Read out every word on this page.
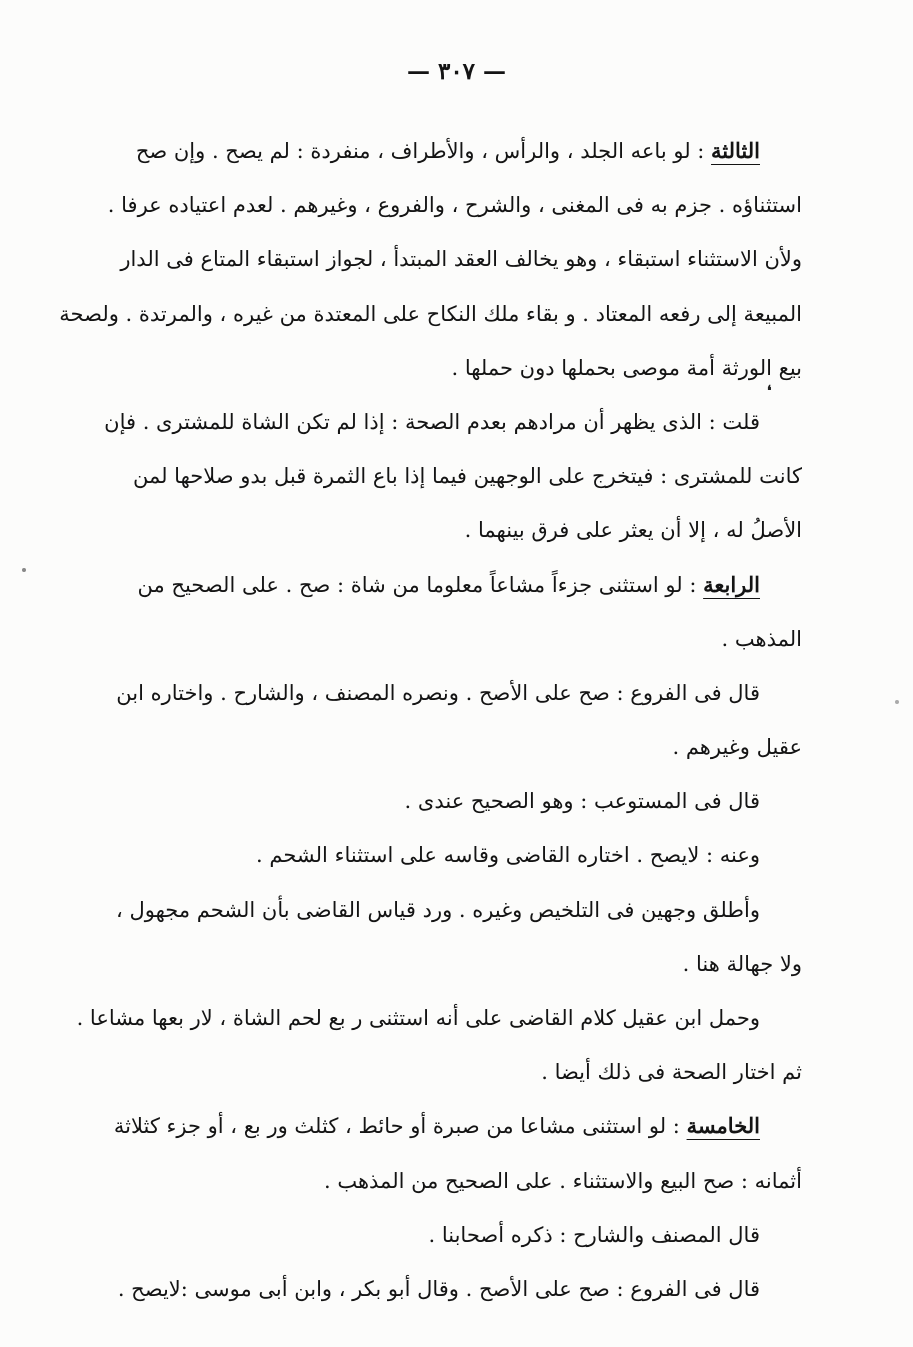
— ٣٠٧ —
❛
الثالثة : لو باعه الجلد ، والرأس ، والأطراف ، منفردة : لم يصح . وإن صح
استثناؤه . جزم به فى المغنى ، والشرح ، والفروع ، وغيرهم . لعدم اعتياده عرفا .
ولأن الاستثناء استبقاء ، وهو يخالف العقد المبتدأ ، لجواز استبقاء المتاع فى الدار
المبيعة إلى رفعه المعتاد . و بقاء ملك النكاح على المعتدة من غيره ، والمرتدة . ولصحة
بيع الورثة أمة موصى بحملها دون حملها .
قلت : الذى يظهر أن مرادهم بعدم الصحة : إذا لم تكن الشاة للمشترى . فإن
كانت للمشترى : فيتخرج على الوجهين فيما إذا باع الثمرة قبل بدو صلاحها لمن
الأصلُ له ، إلا أن يعثر على فرق بينهما .
الرابعة : لو استثنى جزءاً مشاعاً معلوما من شاة : صح . على الصحيح من
المذهب .
قال فى الفروع : صح على الأصح . ونصره المصنف ، والشارح . واختاره ابن
عقيل وغيرهم .
قال فى المستوعب : وهو الصحيح عندى .
وعنه : لايصح . اختاره القاضى وقاسه على استثناء الشحم .
وأطلق وجهين فى التلخيص وغيره . ورد قياس القاضى بأن الشحم مجهول ،
ولا جهالة هنا .
وحمل ابن عقيل كلام القاضى على أنه استثنى ر بع لحم الشاة ، لار بعها مشاعا .
ثم اختار الصحة فى ذلك أيضا .
الخامسة : لو استثنى مشاعا من صبرة أو حائط ، كثلث ور بع ، أو جزء كثلاثة
أثمانه : صح البيع والاستثناء . على الصحيح من المذهب .
قال المصنف والشارح : ذكره أصحابنا .
قال فى الفروع : صح على الأصح . وقال أبو بكر ، وابن أبى موسى :لايصح .
